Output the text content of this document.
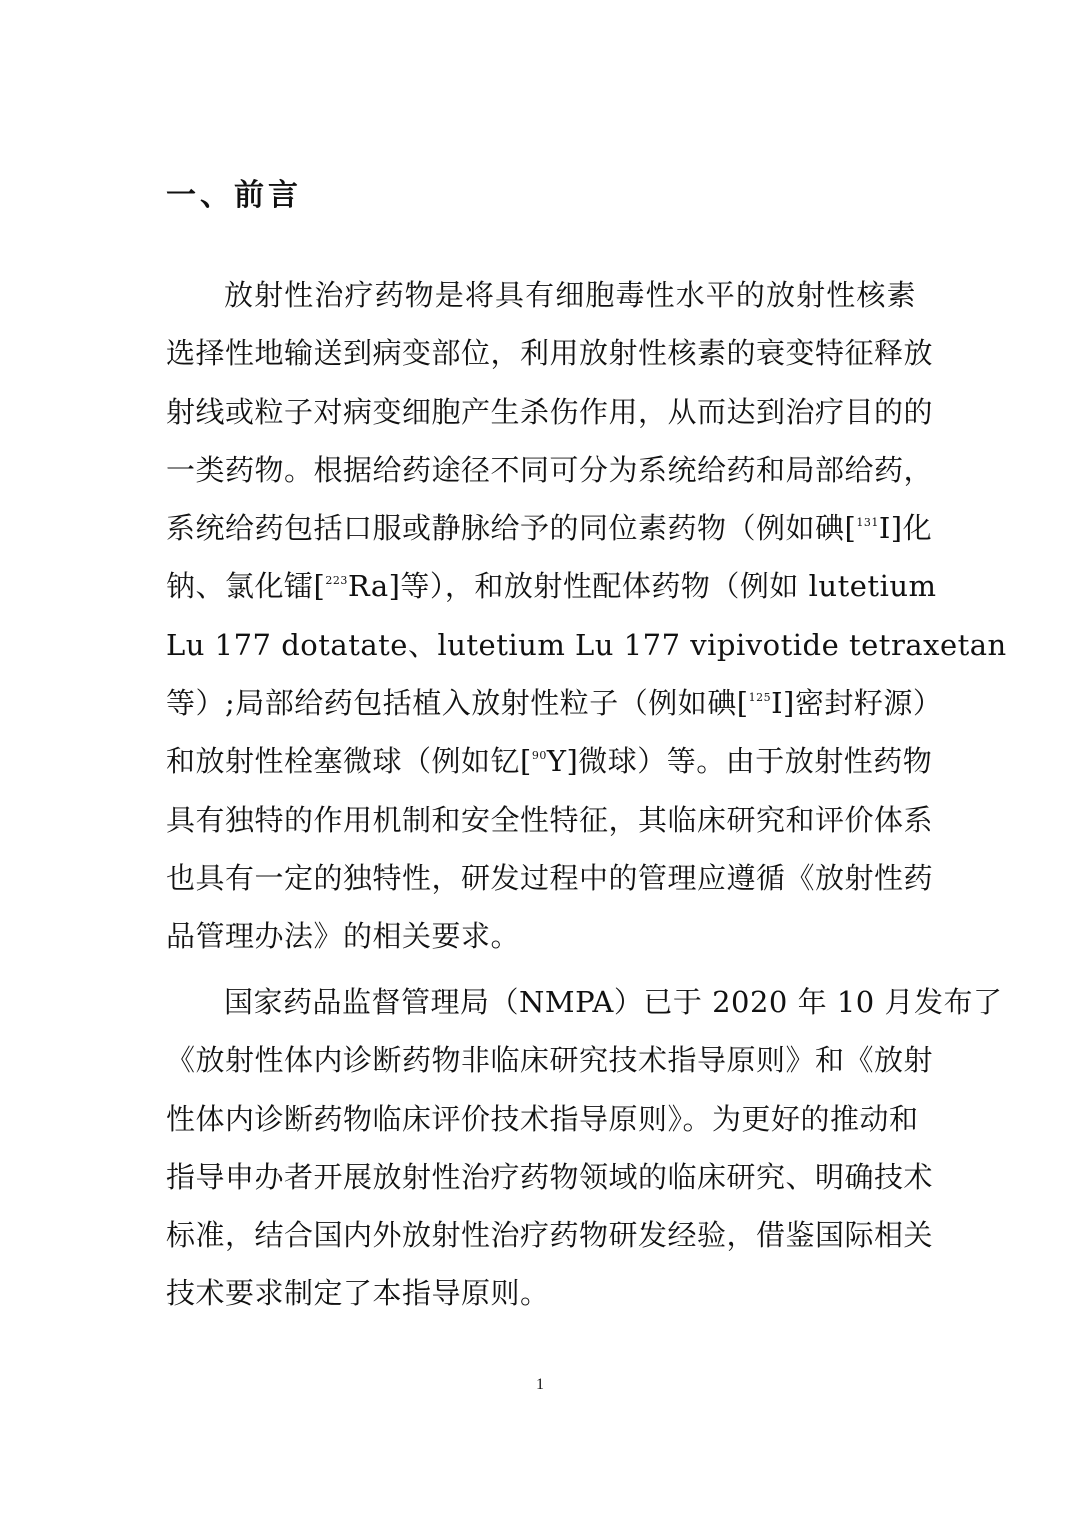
一、前言
放射性治疗药物是将具有细胞毒性水平的放射性核素
选择性地输送到病变部位，利用放射性核素的衰变特征释放
射线或粒子对病变细胞产生杀伤作用，从而达到治疗目的的
一类药物。根据给药途径不同可分为系统给药和局部给药，
系统给药包括口服或静脉给予的同位素药物（例如碘[$^{131}$I]化
钠、氯化镭[$^{223}$Ra]等），和放射性配体药物（例如 lutetium
Lu 177 dotatate、lutetium Lu 177 vipivotide tetraxetan
等）;局部给药包括植入放射性粒子（例如碘[$^{125}$I]密封籽源）
和放射性栓塞微球（例如钇[$^{90}$Y]微球）等。由于放射性药物
具有独特的作用机制和安全性特征，其临床研究和评价体系
也具有一定的独特性，研发过程中的管理应遵循《放射性药
品管理办法》的相关要求。
国家药品监督管理局（NMPA）已于 2020 年 10 月发布了
《放射性体内诊断药物非临床研究技术指导原则》和《放射
性体内诊断药物临床评价技术指导原则》。为更好的推动和
指导申办者开展放射性治疗药物领域的临床研究、明确技术
标准，结合国内外放射性治疗药物研发经验，借鉴国际相关
技术要求制定了本指导原则。
1
